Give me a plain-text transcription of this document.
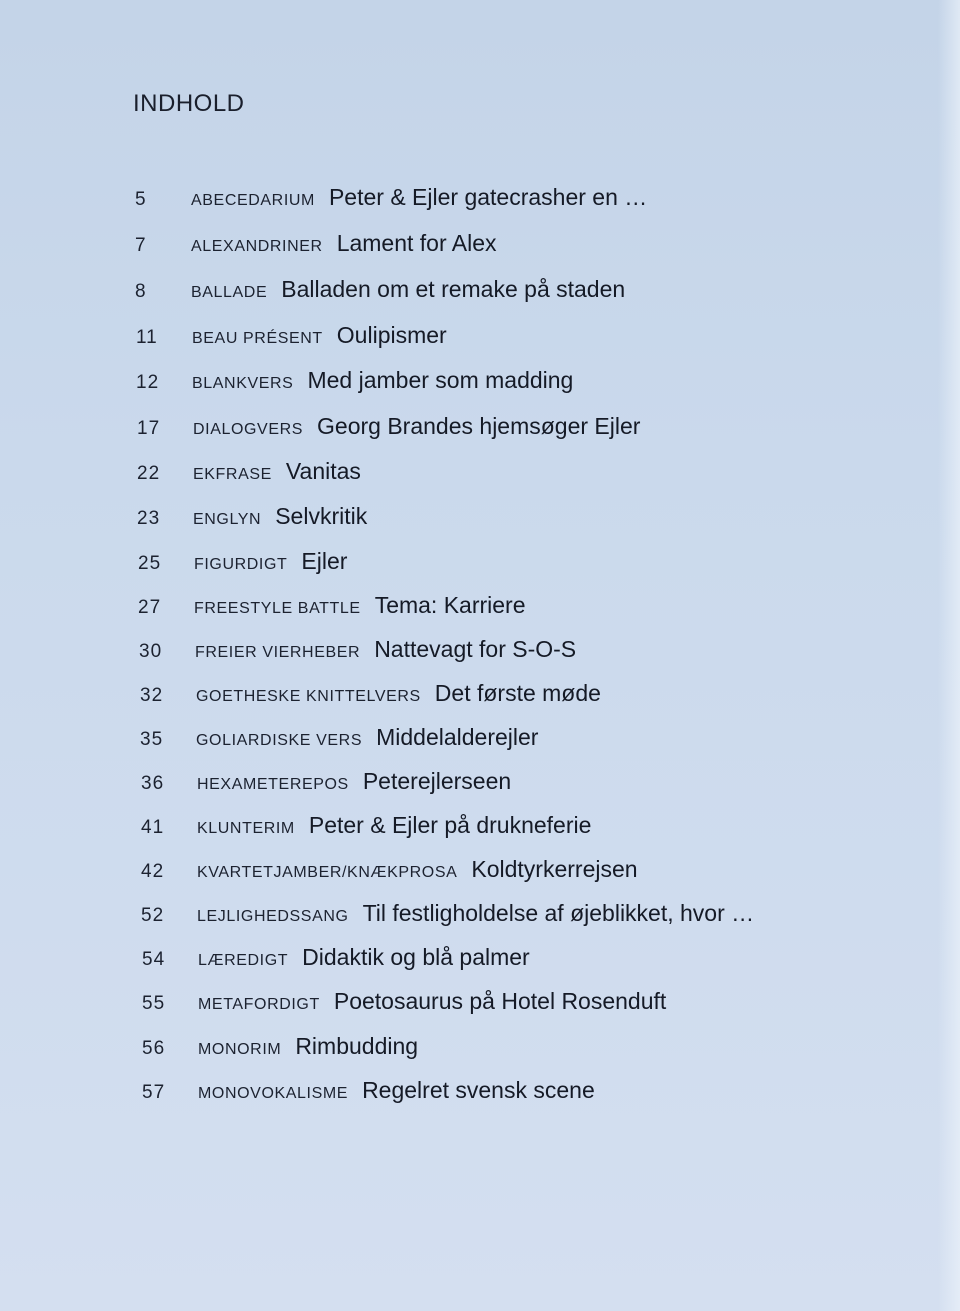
INDHOLD
5	ABECEDARIUM Peter & Ejler gatecrasher en …
7	ALEXANDRINER Lament for Alex
8	BALLADE Balladen om et remake på staden
11	BEAU PRÉSENT Oulipismer
12	BLANKVERS Med jamber som madding
17	DIALOGVERS Georg Brandes hjemsøger Ejler
22	EKFRASE Vanitas
23	ENGLYN Selvkritik
25	FIGURDIGT Ejler
27	FREESTYLE BATTLE Tema: Karriere
30	FREIER VIERHEBER Nattevagt for S-O-S
32	GOETHESKE KNITTELVERS Det første møde
35	GOLIARDISKE VERS Middelalderejler
36	HEXAMETEREPOS Peterejlerseen
41	KLUNTERIM Peter & Ejler på drukneferie
42	KVARTETJAMBER/KNÆKPROSA Koldtyrkerrejsen
52	LEJLIGHEDSSANG Til festligholdelse af øjeblikket, hvor …
54	LÆREDIGT Didaktik og blå palmer
55	METAFORDIGT Poetosaurus på Hotel Rosenduft
56	MONORIM Rimbudding
57	MONOVOKALISME Regelret svensk scene
